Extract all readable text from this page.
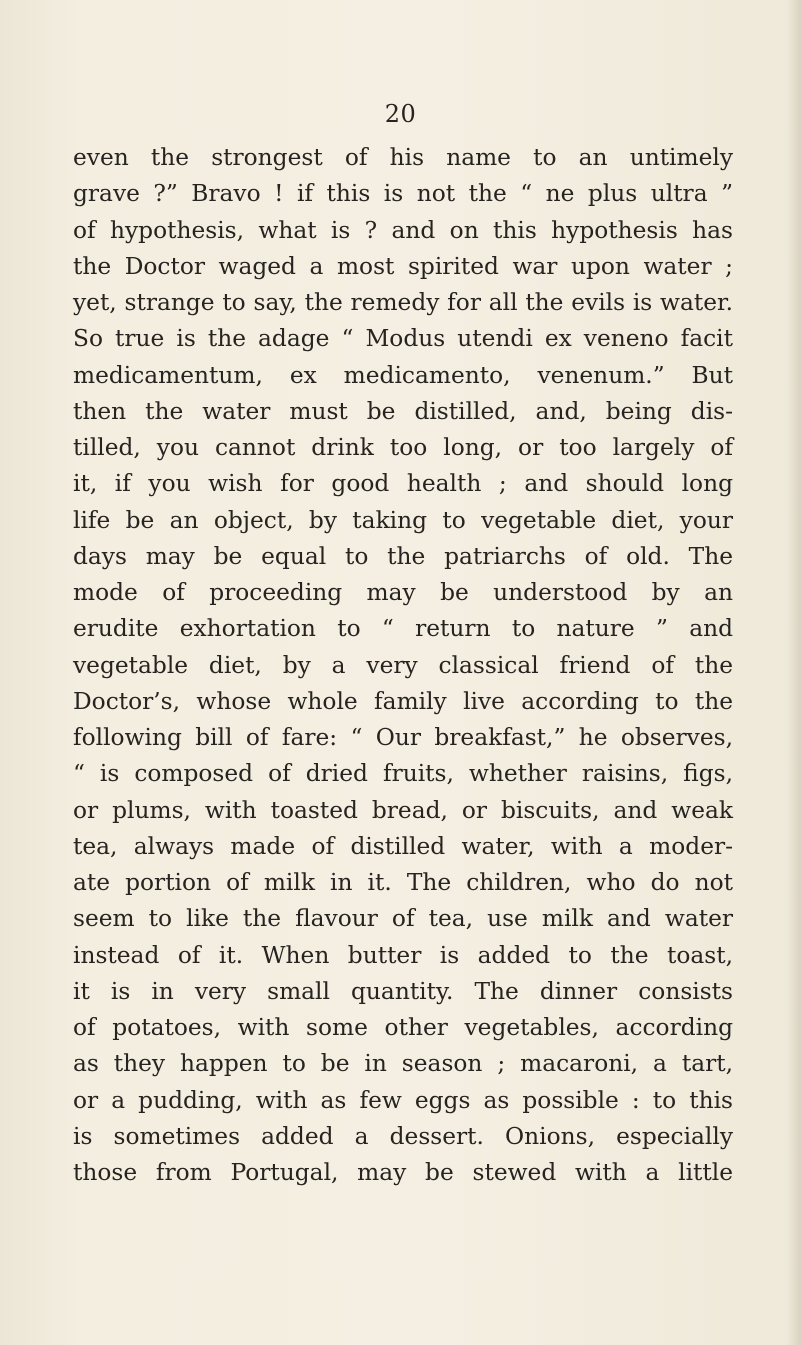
20
even the strongest of his name to an untimely
grave ?” Bravo ! if this is not the “ ne plus ultra ”
of hypothesis, what is ? and on this hypothesis has
the Doctor waged a most spirited war upon water ;
yet, strange to say, the remedy for all the evils is water.
So true is the adage “ Modus utendi ex veneno facit
medicamentum, ex medicamento, venenum.” But
then the water must be distilled, and, being dis-
tilled, you cannot drink too long, or too largely of
it, if you wish for good health ; and should long
life be an object, by taking to vegetable diet, your
days may be equal to the patriarchs of old. The
mode of proceeding may be understood by an
erudite exhortation to “ return to nature ” and
vegetable diet, by a very classical friend of the
Doctor’s, whose whole family live according to the
following bill of fare: “ Our breakfast,” he observes,
“ is composed of dried fruits, whether raisins, figs,
or plums, with toasted bread, or biscuits, and weak
tea, always made of distilled water, with a moder-
ate portion of milk in it. The children, who do not
seem to like the flavour of tea, use milk and water
instead of it. When butter is added to the toast,
it is in very small quantity. The dinner consists
of potatoes, with some other vegetables, according
as they happen to be in season ; macaroni, a tart,
or a pudding, with as few eggs as possible : to this
is sometimes added a dessert. Onions, especially
those from Portugal, may be stewed with a little
